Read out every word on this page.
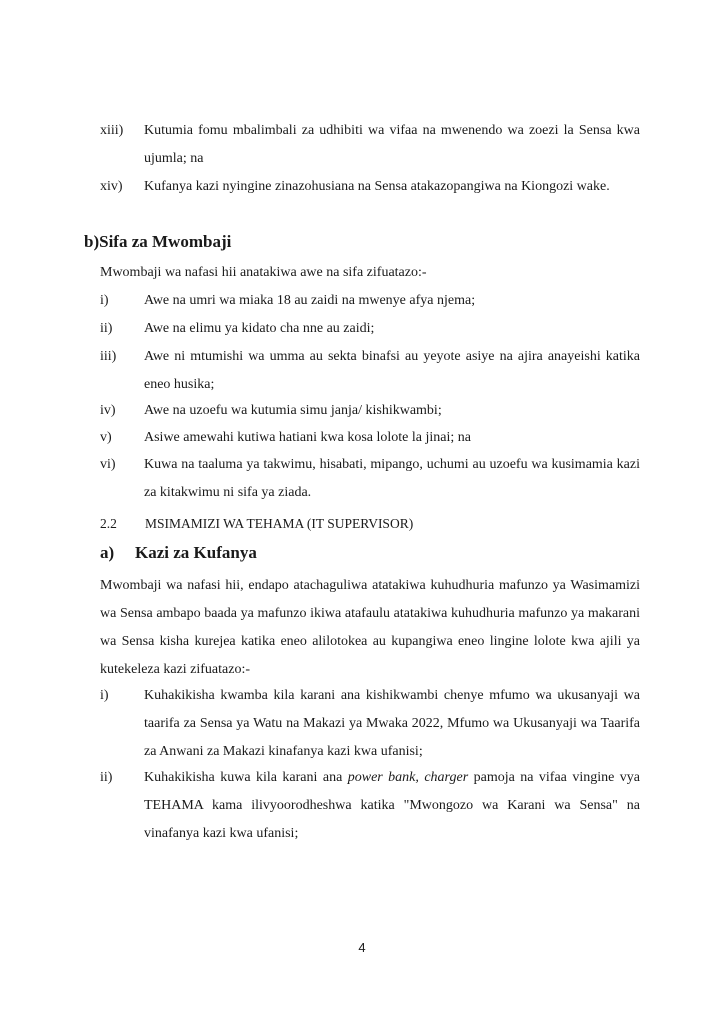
xiii) Kutumia fomu mbalimbali za udhibiti wa vifaa na mwenendo wa zoezi la Sensa kwa ujumla; na
xiv) Kufanya kazi nyingine zinazohusiana na Sensa atakazopangiwa na Kiongozi wake.
b)Sifa za Mwombaji
Mwombaji wa nafasi hii anatakiwa awe na sifa zifuatazo:-
i)	Awe na umri wa miaka 18 au zaidi na mwenye afya njema;
ii) Awe na elimu ya kidato cha nne au zaidi;
iii) Awe ni mtumishi wa umma au sekta binafsi au yeyote asiye na ajira anayeishi katika eneo husika;
iv) Awe na uzoefu wa kutumia simu janja/ kishikwambi;
v) Asiwe amewahi kutiwa hatiani kwa kosa lolote la jinai; na
vi) Kuwa na taaluma ya takwimu, hisabati, mipango, uchumi au uzoefu wa kusimamia kazi za kitakwimu ni sifa ya ziada.
2.2 MSIMAMIZI WA TEHAMA (IT SUPERVISOR)
a) Kazi za Kufanya
Mwombaji wa nafasi hii, endapo atachaguliwa atatakiwa kuhudhuria mafunzo ya Wasimamizi wa Sensa ambapo baada ya mafunzo ikiwa atafaulu atatakiwa kuhudhuria mafunzo ya makarani wa Sensa kisha kurejea katika eneo alilotokea au kupangiwa eneo lingine lolote kwa ajili ya kutekeleza kazi zifuatazo:-
i)	Kuhakikisha kwamba kila karani ana kishikwambi chenye mfumo wa ukusanyaji wa taarifa za Sensa ya Watu na Makazi ya Mwaka 2022, Mfumo wa Ukusanyaji wa Taarifa za Anwani za Makazi kinafanya kazi kwa ufanisi;
ii) Kuhakikisha kuwa kila karani ana power bank, charger pamoja na vifaa vingine vya TEHAMA kama ilivyoorodheshwa katika "Mwongozo wa Karani wa Sensa" na vinafanya kazi kwa ufanisi;
4
